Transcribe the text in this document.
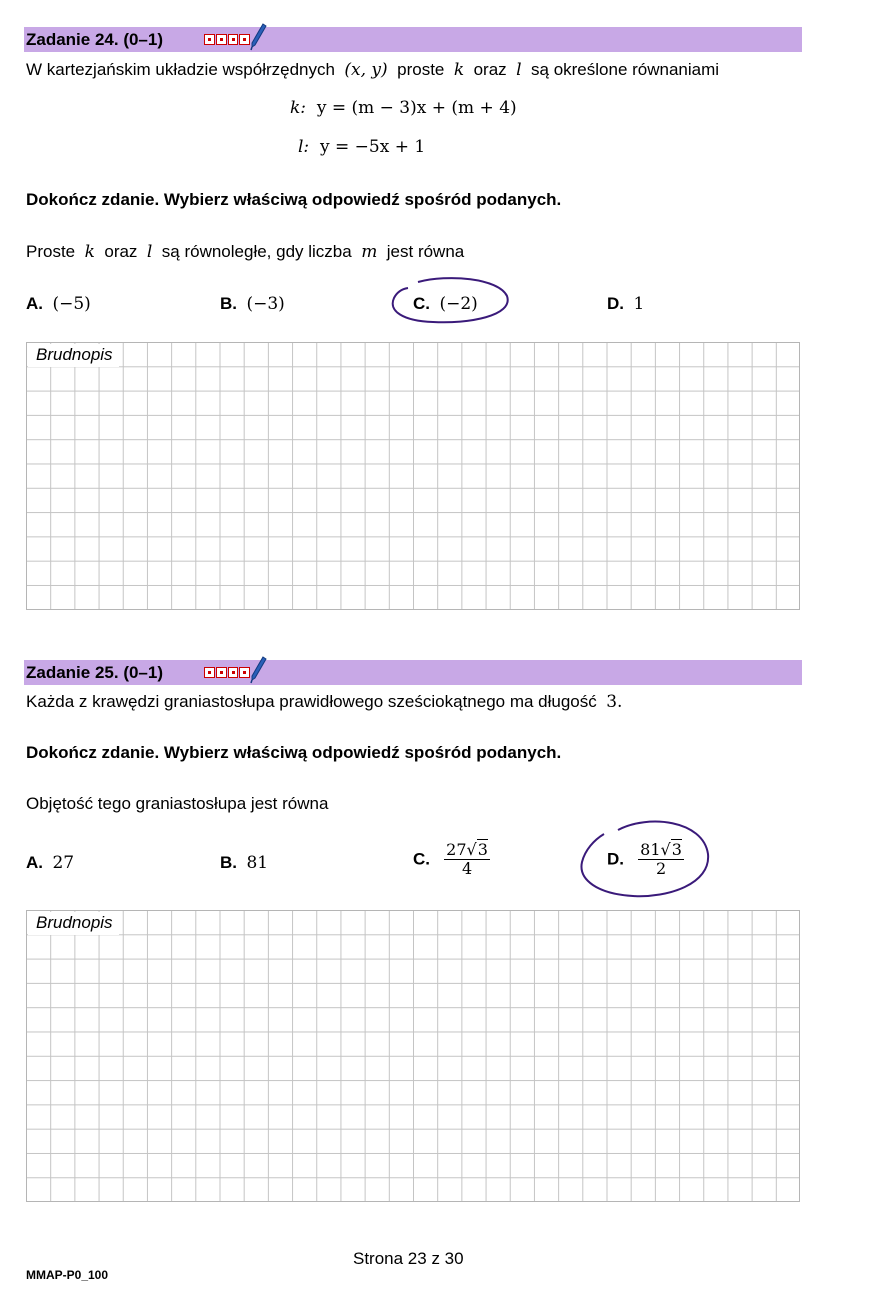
Zadanie 24. (0–1)
W kartezjańskim układzie współrzędnych (x, y) proste k oraz l są określone równaniami
k: y = (m − 3)x + (m + 4)
l: y = −5x + 1
Dokończ zdanie. Wybierz właściwą odpowiedź spośród podanych.
Proste k oraz l są równoległe, gdy liczba m jest równa
A. (−5)	B. (−3)	C. (−2)	D. 1
Brudnopis
Zadanie 25. (0–1)
Każda z krawędzi graniastosłupa prawidłowego sześciokątnego ma długość 3.
Dokończ zdanie. Wybierz właściwą odpowiedź spośród podanych.
Objętość tego graniastosłupa jest równa
A. 27	B. 81	C. $\frac{27√3}{4}$	D. $\frac{81√3}{2}$
Brudnopis
Strona 23 z 30
MMAP-P0_100
